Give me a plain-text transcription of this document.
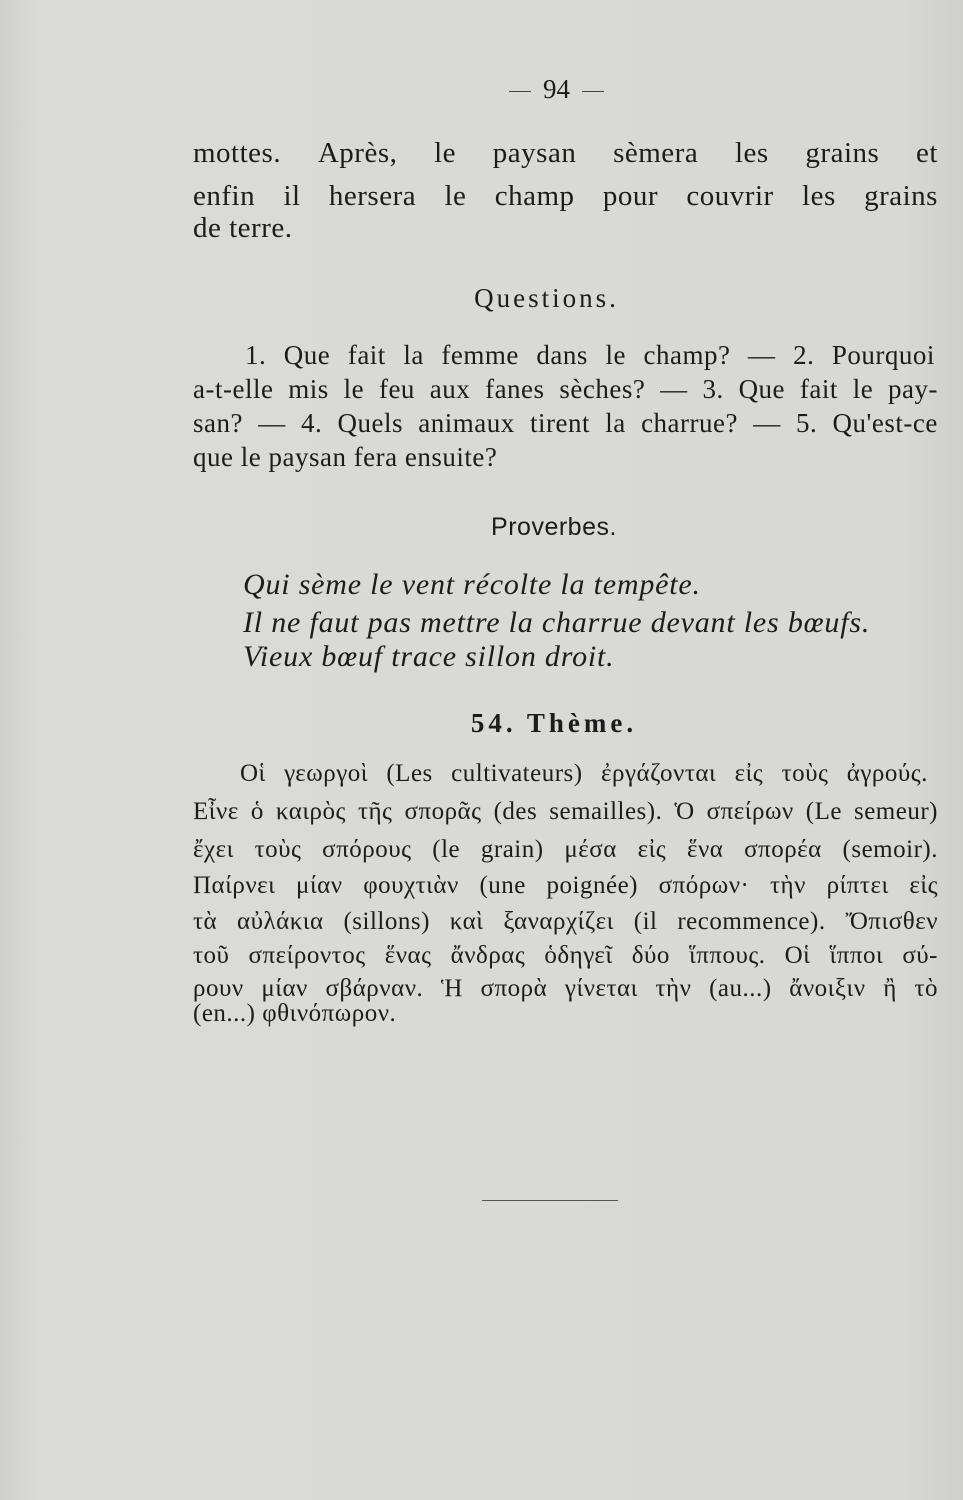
94
mottes. Après, le paysan sèmera les grains et
enfin il hersera le champ pour couvrir les grains
de terre.
Questions.
1. Que fait la femme dans le champ? — 2. Pourquoi
a-t-elle mis le feu aux fanes sèches? — 3. Que fait le pay-
san? — 4. Quels animaux tirent la charrue? — 5. Qu'est-ce
que le paysan fera ensuite?
Proverbes.
Qui sème le vent récolte la tempête.
Il ne faut pas mettre la charrue devant les bœufs.
Vieux bœuf trace sillon droit.
54. Thème.
Οἱ γεωργοὶ (Les cultivateurs) ἐργάζονται εἰς τοὺς ἀγρούς.
Εἶνε ὁ καιρὸς τῆς σπορᾶς (des semailles). Ὁ σπείρων (Le semeur)
ἔχει τοὺς σπόρους (le grain) μέσα εἰς ἕνα σπορέα (semoir).
Παίρνει μίαν φουχτιὰν (une poignée) σπόρων· τὴν ρίπτει εἰς
τὰ αὐλάκια (sillons) καὶ ξαναρχίζει (il recommence). Ὄπισθεν
τοῦ σπείροντος ἕνας ἄνδρας ὁδηγεῖ δύο ἵππους. Οἱ ἵπποι σύ-
ρουν μίαν σβάρναν. Ἡ σπορὰ γίνεται τὴν (au...) ἄνοιξιν ἢ τὸ
(en...) φθινόπωρον.
